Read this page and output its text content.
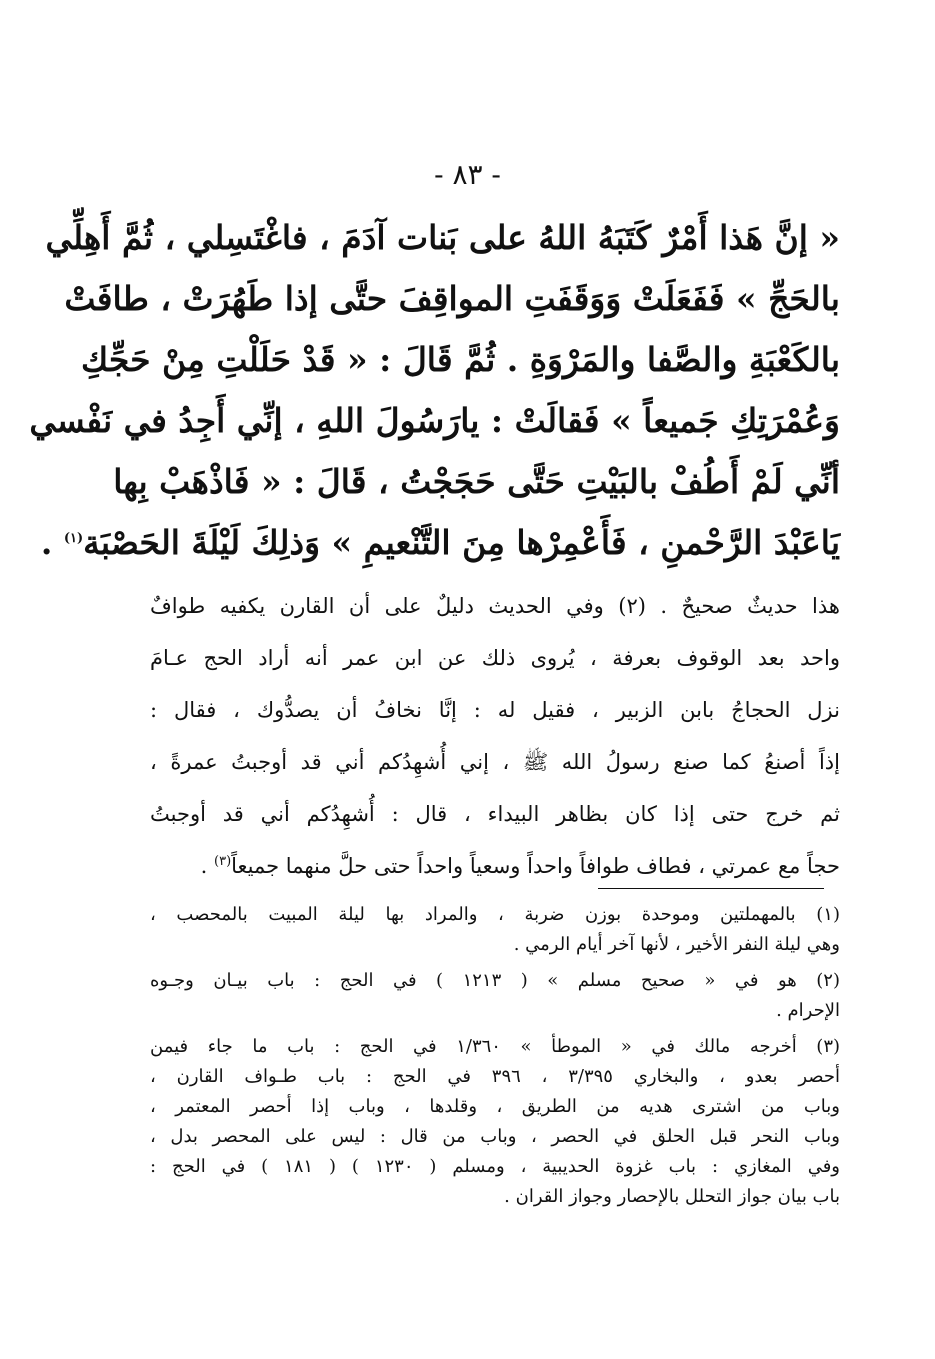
- ٨٣ -
« إنَّ هَذا أَمْرٌ كَتَبَهُ اللهُ على بَنات آدَمَ ، فاغْتَسِلي ، ثُمَّ أَهِلِّي
بالحَجِّ » فَفَعَلَتْ وَوَقَفَتِ المواقِفَ حتَّى إذا طَهُرَتْ ، طافَتْ
بالكَعْبَةِ والصَّفا والمَرْوَةِ . ثُمَّ قَالَ : « قَدْ حَلَلْتِ مِنْ حَجِّكِ
وَعُمْرَتِكِ جَميعاً » فَقالَتْ : يارَسُولَ اللهِ ، إنِّي أَجِدُ في نَفْسي
أنِّي لَمْ أَطُفْ بالبَيْتِ حَتَّى حَجَجْتُ ، قَالَ : « فَاذْهَبْ بِها
يَاعَبْدَ الرَّحْمنِ ، فَأَعْمِرْها مِنَ التَّنْعيمِ » وَذلِكَ لَيْلَةَ الحَصْبَة$^{(١)}$ .
هذا حديثٌ صحيحٌ . (٢) وفي الحديث دليلٌ على أن القارن يكفيه طوافٌ
واحد بعد الوقوف بعرفة ، يُروى ذلك عن ابن عمر أنه أراد الحج عـامَ
نزل الحجاجُ بابن الزبير ، فقيل له : إنَّا نخافُ أن يصدُّوك ، فقال :
إذاً أصنعُ كما صنع رسولُ الله ﷺ ، إني أُشهِدُكم أني قد أوجبتُ عمرةً ،
ثم خرج حتى إذا كان بظاهر البيداء ، قال : أُشهِدُكم أني قد أوجبتُ
حجاً مع عمرتي ، فطاف طوافاً واحداً وسعياً واحداً حتى حلَّ منهما جميعاً$^{(٣)}$ .
(١) بالمهملتين وموحدة بوزن ضربة ، والمراد بها ليلة المبيت بالمحصب ،
وهي ليلة النفر الأخير ، لأنها آخر أيام الرمي .
(٢) هو في « صحيح مسلم » ( ١٢١٣ ) في الحج : باب بيـان وجـوه
الإحرام .
(٣) أخرجه مالك في « الموطأ » ١/٣٦٠ في الحج : باب ما جاء فيمن
أحصر بعدو ، والبخاري ٣/٣٩٥ ، ٣٩٦ في الحج : باب طـواف القارن ،
وباب من اشترى هديه من الطريق ، وقلدها ، وباب إذا أحصر المعتمر ،
وباب النحر قبل الحلق في الحصر ، وباب من قال : ليس على المحصر بدل ،
وفي المغازي : باب غزوة الحديبية ، ومسلم ( ١٢٣٠ ) ( ١٨١ ) في الحج :
باب بيان جواز التحلل بالإحصار وجواز القران .
